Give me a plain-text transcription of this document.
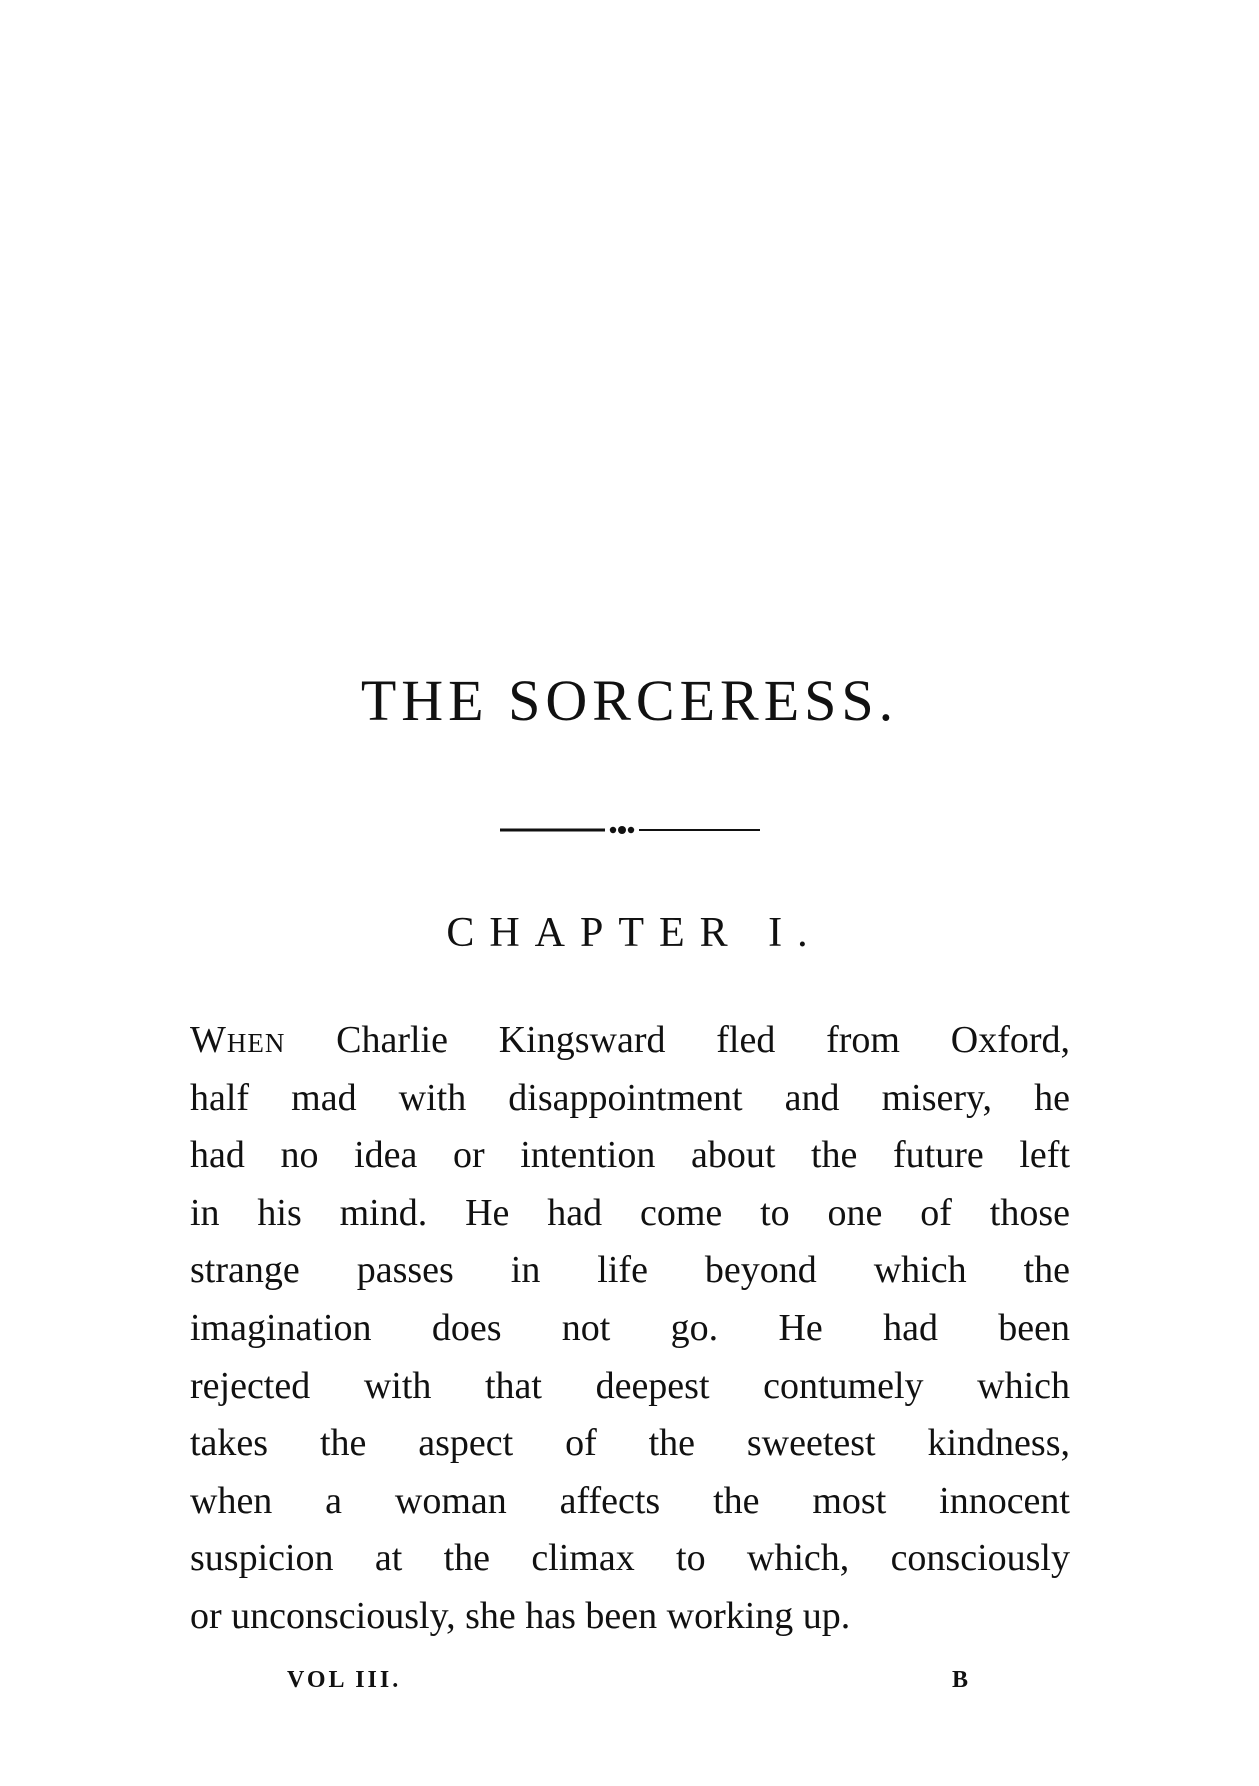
THE SORCERESS.
CHAPTER I.
When Charlie Kingsward fled from Oxford,
half mad with disappointment and misery, he
had no idea or intention about the future left
in his mind. He had come to one of those
strange passes in life beyond which the
imagination does not go. He had been
rejected with that deepest contumely which
takes the aspect of the sweetest kindness,
when a woman affects the most innocent
suspicion at the climax to which, consciously
or unconsciously, she has been working up.
VOL III.	B
